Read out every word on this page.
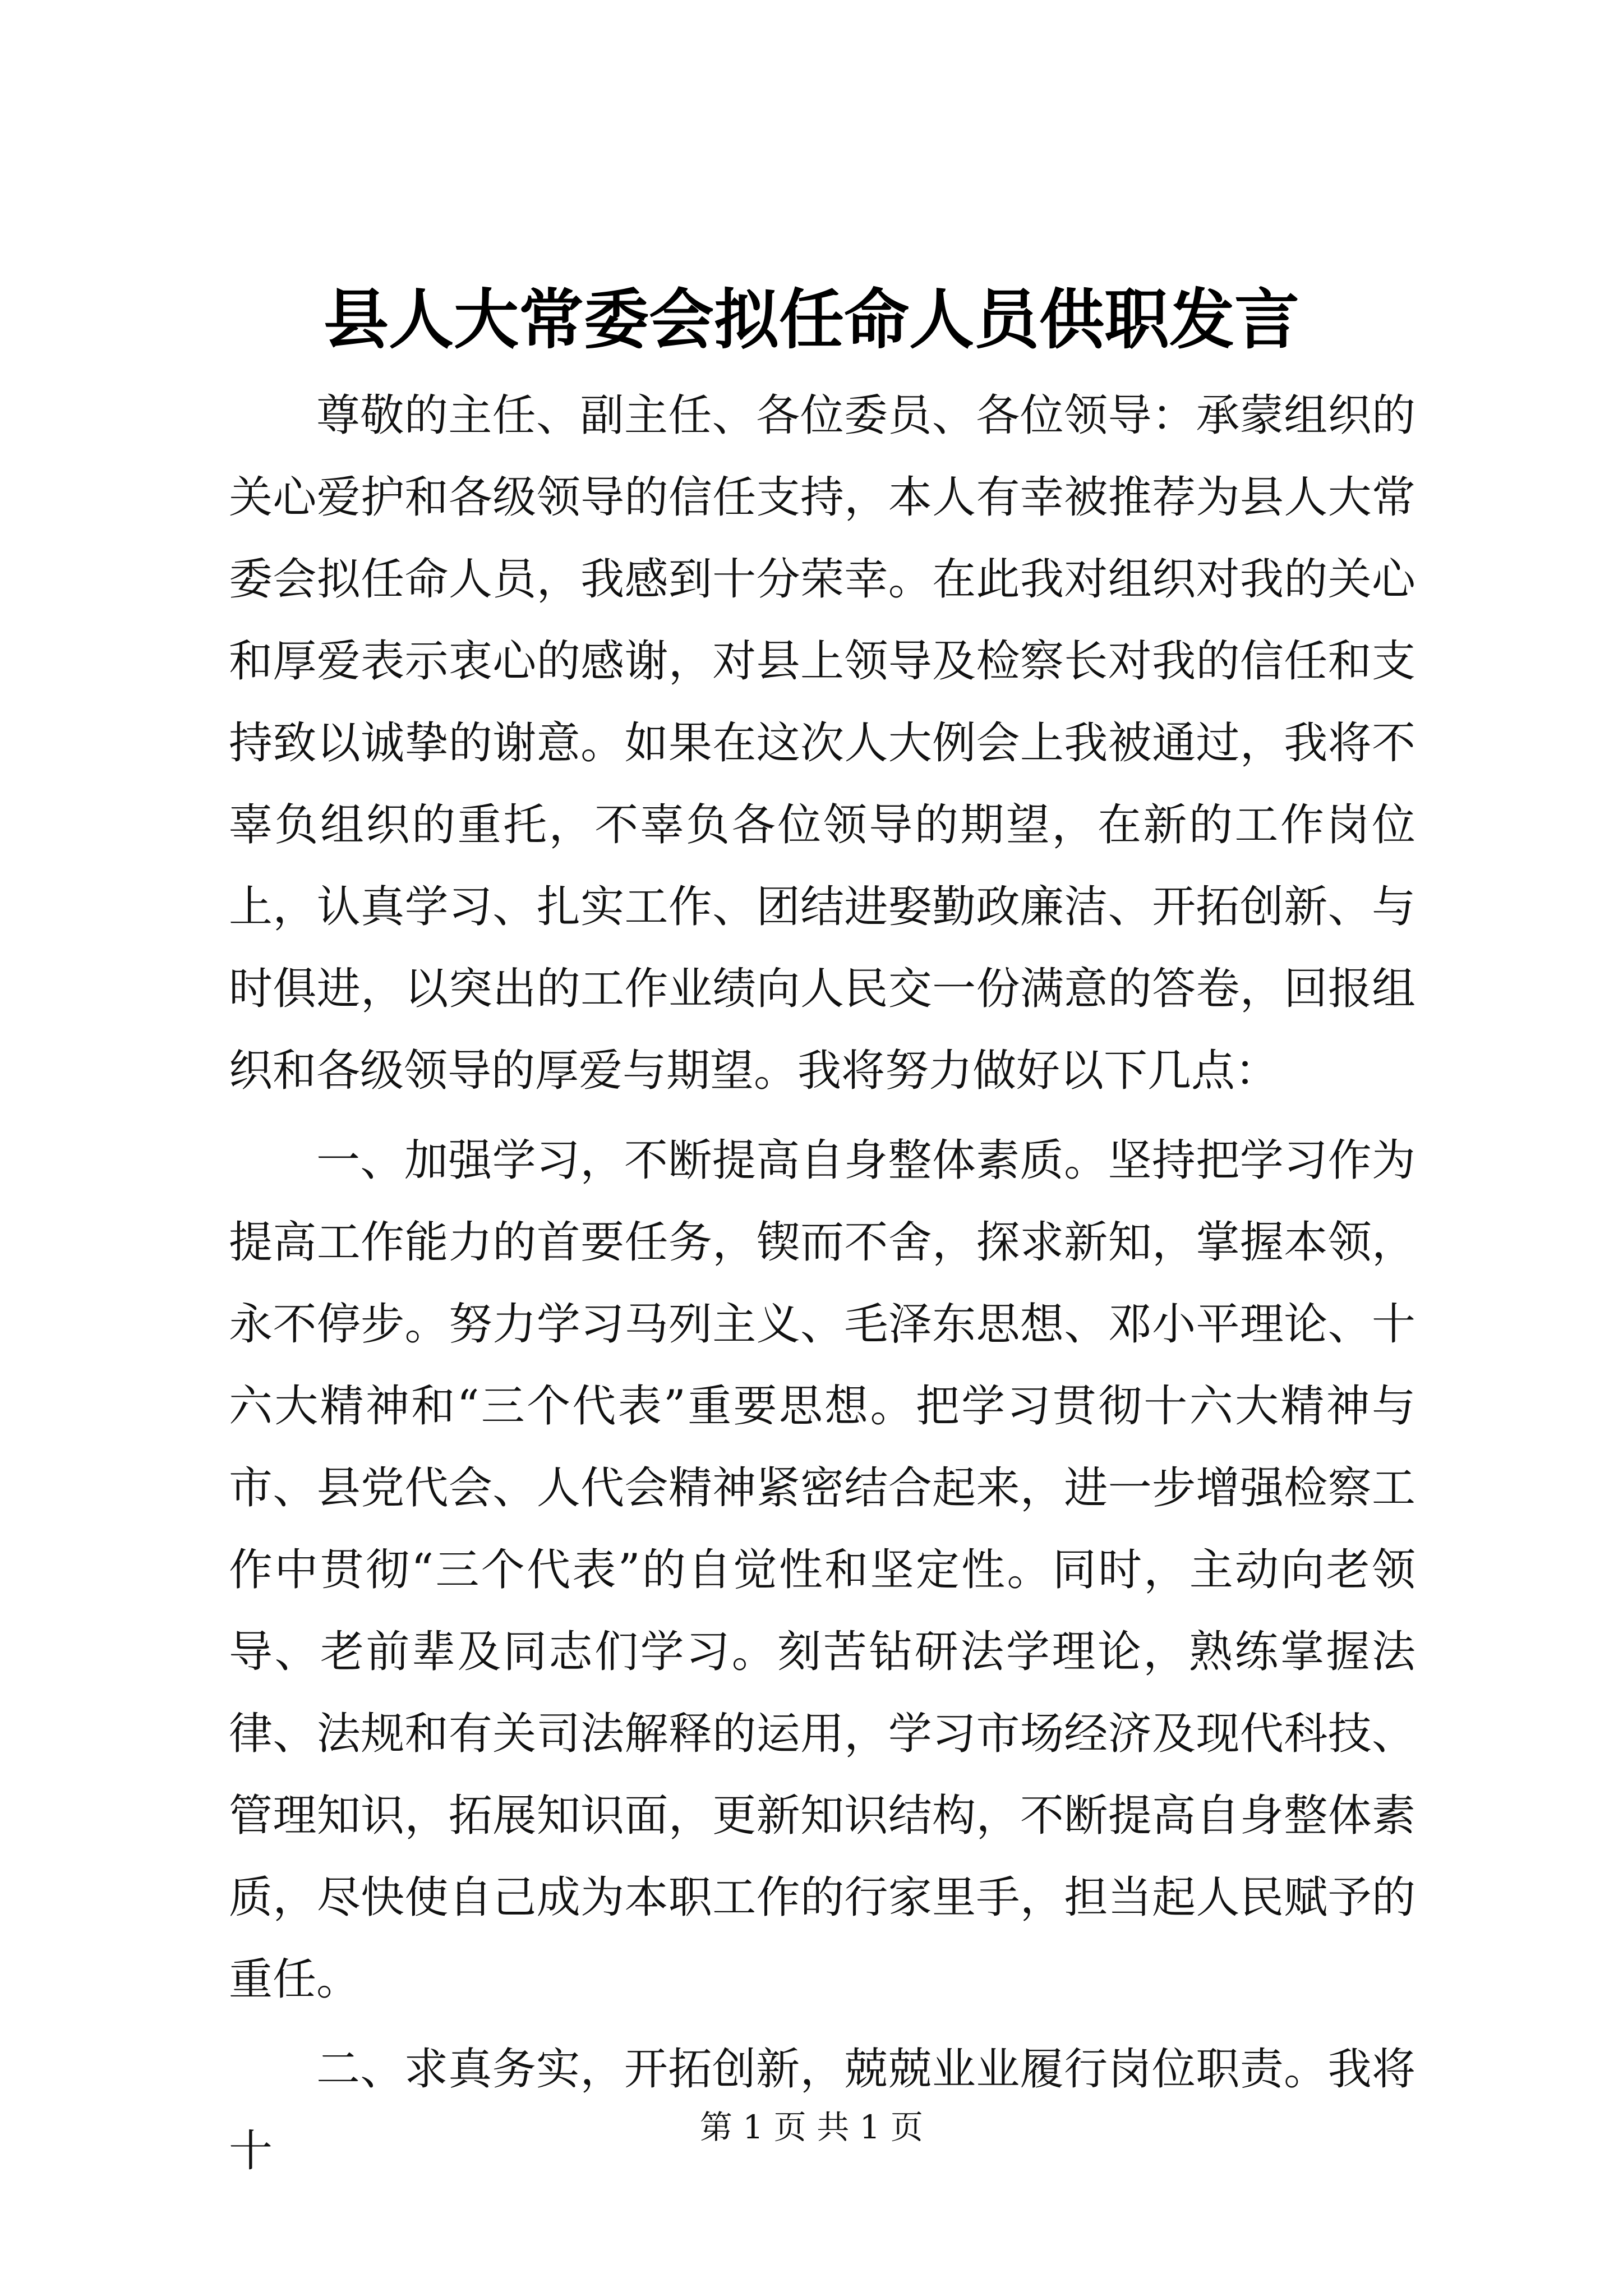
县人大常委会拟任命人员供职发言

尊敬的主任、副主任、各位委员、各位领导：承蒙组织的关心爱护和各级领导的信任支持，本人有幸被推荐为县人大常委会拟任命人员，我感到十分荣幸。在此我对组织对我的关心和厚爱表示衷心的感谢，对县上领导及检察长对我的信任和支持致以诚挚的谢意。如果在这次人大例会上我被通过，我将不辜负组织的重托，不辜负各位领导的期望，在新的工作岗位上，认真学习、扎实工作、团结进娶勤政廉洁、开拓创新、与时俱进，以突出的工作业绩向人民交一份满意的答卷，回报组织和各级领导的厚爱与期望。我将努力做好以下几点：

一、加强学习，不断提高自身整体素质。坚持把学习作为提高工作能力的首要任务，锲而不舍，探求新知，掌握本领，永不停步。努力学习马列主义、毛泽东思想、邓小平理论、十六大精神和“三个代表”重要思想。把学习贯彻十六大精神与市、县党代会、人代会精神紧密结合起来，进一步增强检察工作中贯彻“三个代表”的自觉性和坚定性。同时，主动向老领导、老前辈及同志们学习。刻苦钻研法学理论，熟练掌握法律、法规和有关司法解释的运用，学习市场经济及现代科技、管理知识，拓展知识面，更新知识结构，不断提高自身整体素质，尽快使自己成为本职工作的行家里手，担当起人民赋予的重任。

二、求真务实，开拓创新，兢兢业业履行岗位职责。我将十	第 1 页 共 1 页
